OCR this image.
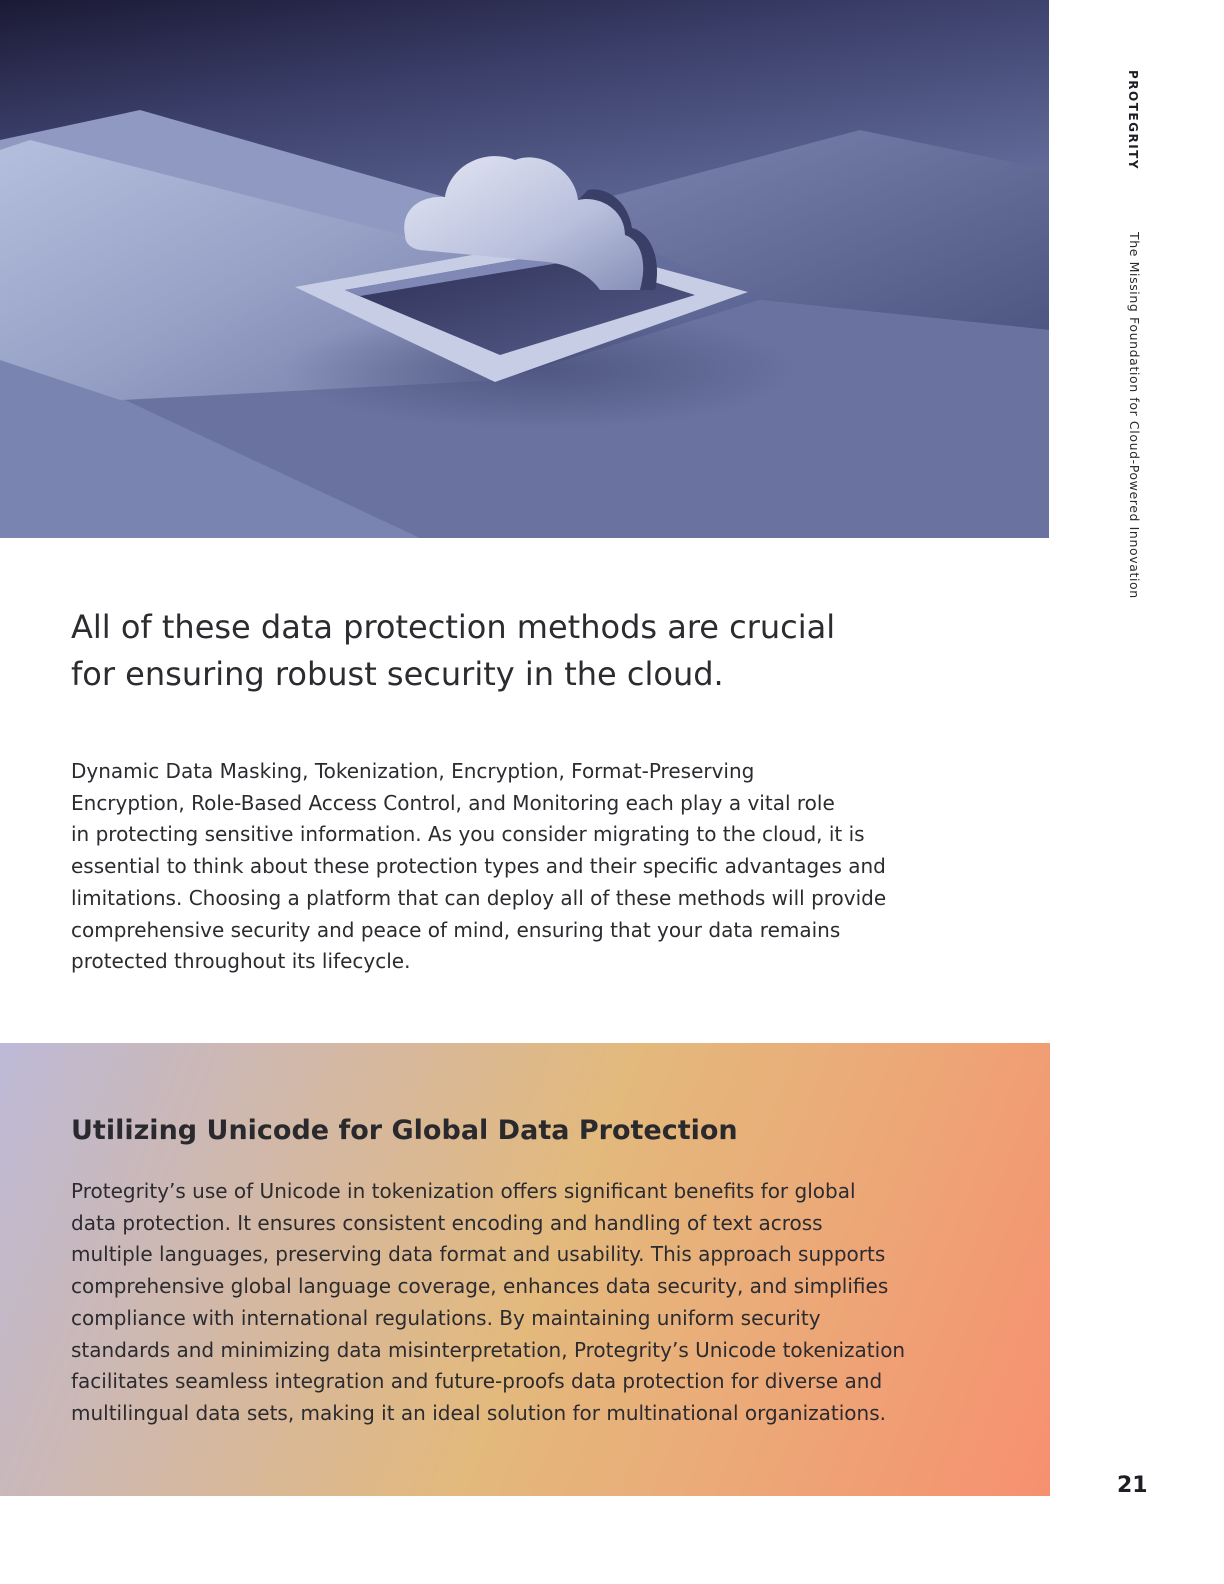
PROTEGRITY
The Missing Foundation for Cloud-Powered Innovation
All of these data protection methods are crucial
for ensuring robust security in the cloud.

Dynamic Data Masking, Tokenization, Encryption, Format-Preserving
Encryption, Role-Based Access Control, and Monitoring each play a vital role
in protecting sensitive information. As you consider migrating to the cloud, it is
essential to think about these protection types and their specific advantages and
limitations. Choosing a platform that can deploy all of these methods will provide
comprehensive security and peace of mind, ensuring that your data remains
protected throughout its lifecycle.

Utilizing Unicode for Global Data Protection

Protegrity’s use of Unicode in tokenization offers significant benefits for global
data protection. It ensures consistent encoding and handling of text across
multiple languages, preserving data format and usability. This approach supports
comprehensive global language coverage, enhances data security, and simplifies
compliance with international regulations. By maintaining uniform security
standards and minimizing data misinterpretation, Protegrity’s Unicode tokenization
facilitates seamless integration and future-proofs data protection for diverse and
multilingual data sets, making it an ideal solution for multinational organizations.

21
